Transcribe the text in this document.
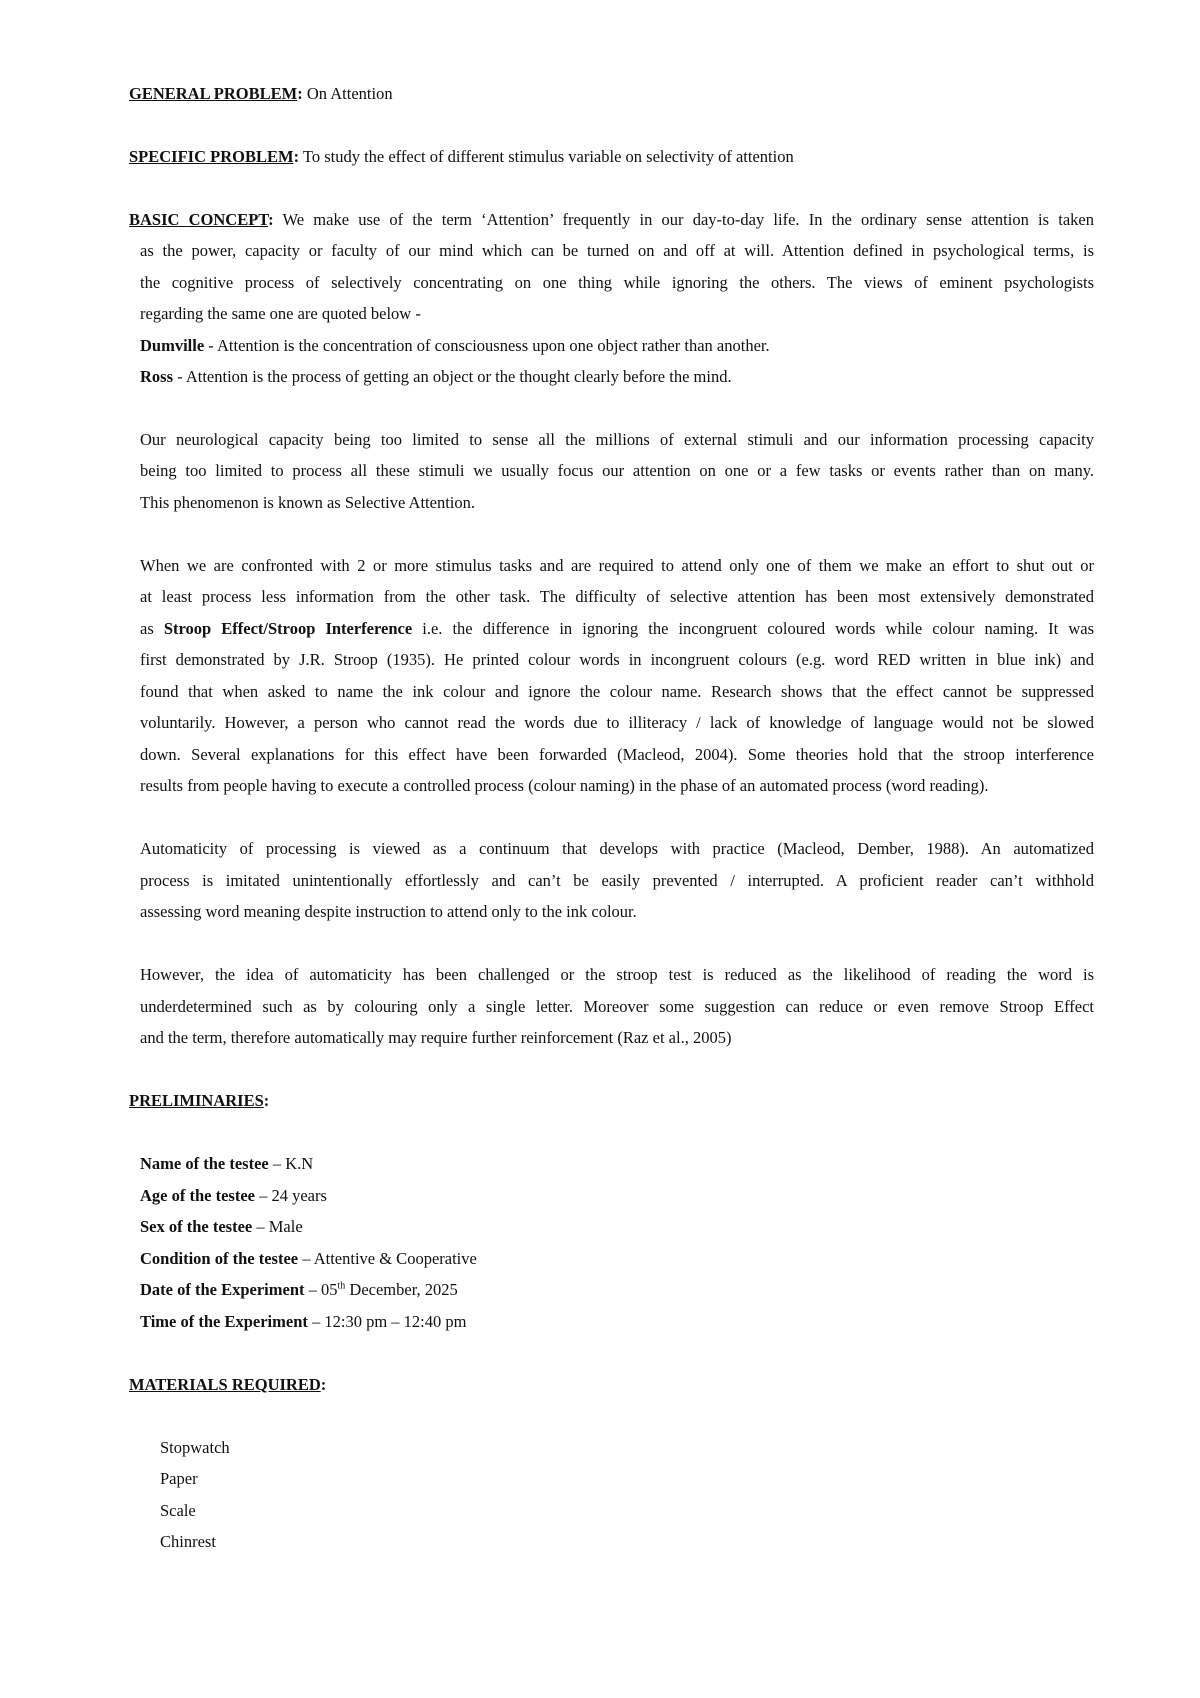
GENERAL PROBLEM: On Attention
SPECIFIC PROBLEM: To study the effect of different stimulus variable on selectivity of attention
BASIC CONCEPT: We make use of the term ‘Attention’ frequently in our day-to-day life. In the ordinary sense attention is taken
as the power, capacity or faculty of our mind which can be turned on and off at will. Attention defined in psychological terms, is
the cognitive process of selectively concentrating on one thing while ignoring the others. The views of eminent psychologists
regarding the same one are quoted below -
Dumville - Attention is the concentration of consciousness upon one object rather than another.
Ross - Attention is the process of getting an object or the thought clearly before the mind.
Our neurological capacity being too limited to sense all the millions of external stimuli and our information processing capacity
being too limited to process all these stimuli we usually focus our attention on one or a few tasks or events rather than on many.
This phenomenon is known as Selective Attention.
When we are confronted with 2 or more stimulus tasks and are required to attend only one of them we make an effort to shut out or
at least process less information from the other task. The difficulty of selective attention has been most extensively demonstrated
as Stroop Effect/Stroop Interference i.e. the difference in ignoring the incongruent coloured words while colour naming. It was
first demonstrated by J.R. Stroop (1935). He printed colour words in incongruent colours (e.g. word RED written in blue ink) and
found that when asked to name the ink colour and ignore the colour name. Research shows that the effect cannot be suppressed
voluntarily. However, a person who cannot read the words due to illiteracy / lack of knowledge of language would not be slowed
down. Several explanations for this effect have been forwarded (Macleod, 2004). Some theories hold that the stroop interference
results from people having to execute a controlled process (colour naming) in the phase of an automated process (word reading).
Automaticity of processing is viewed as a continuum that develops with practice (Macleod, Dember, 1988). An automatized
process is imitated unintentionally effortlessly and can’t be easily prevented / interrupted. A proficient reader can’t withhold
assessing word meaning despite instruction to attend only to the ink colour.
However, the idea of automaticity has been challenged or the stroop test is reduced as the likelihood of reading the word is
underdetermined such as by colouring only a single letter. Moreover some suggestion can reduce or even remove Stroop Effect
and the term, therefore automatically may require further reinforcement (Raz et al., 2005)
PRELIMINARIES:
Name of the testee – K.N
Age of the testee – 24 years
Sex of the testee – Male
Condition of the testee – Attentive & Cooperative
Date of the Experiment – 05th December, 2025
Time of the Experiment – 12:30 pm – 12:40 pm
MATERIALS REQUIRED:
Stopwatch
Paper
Scale
Chinrest
